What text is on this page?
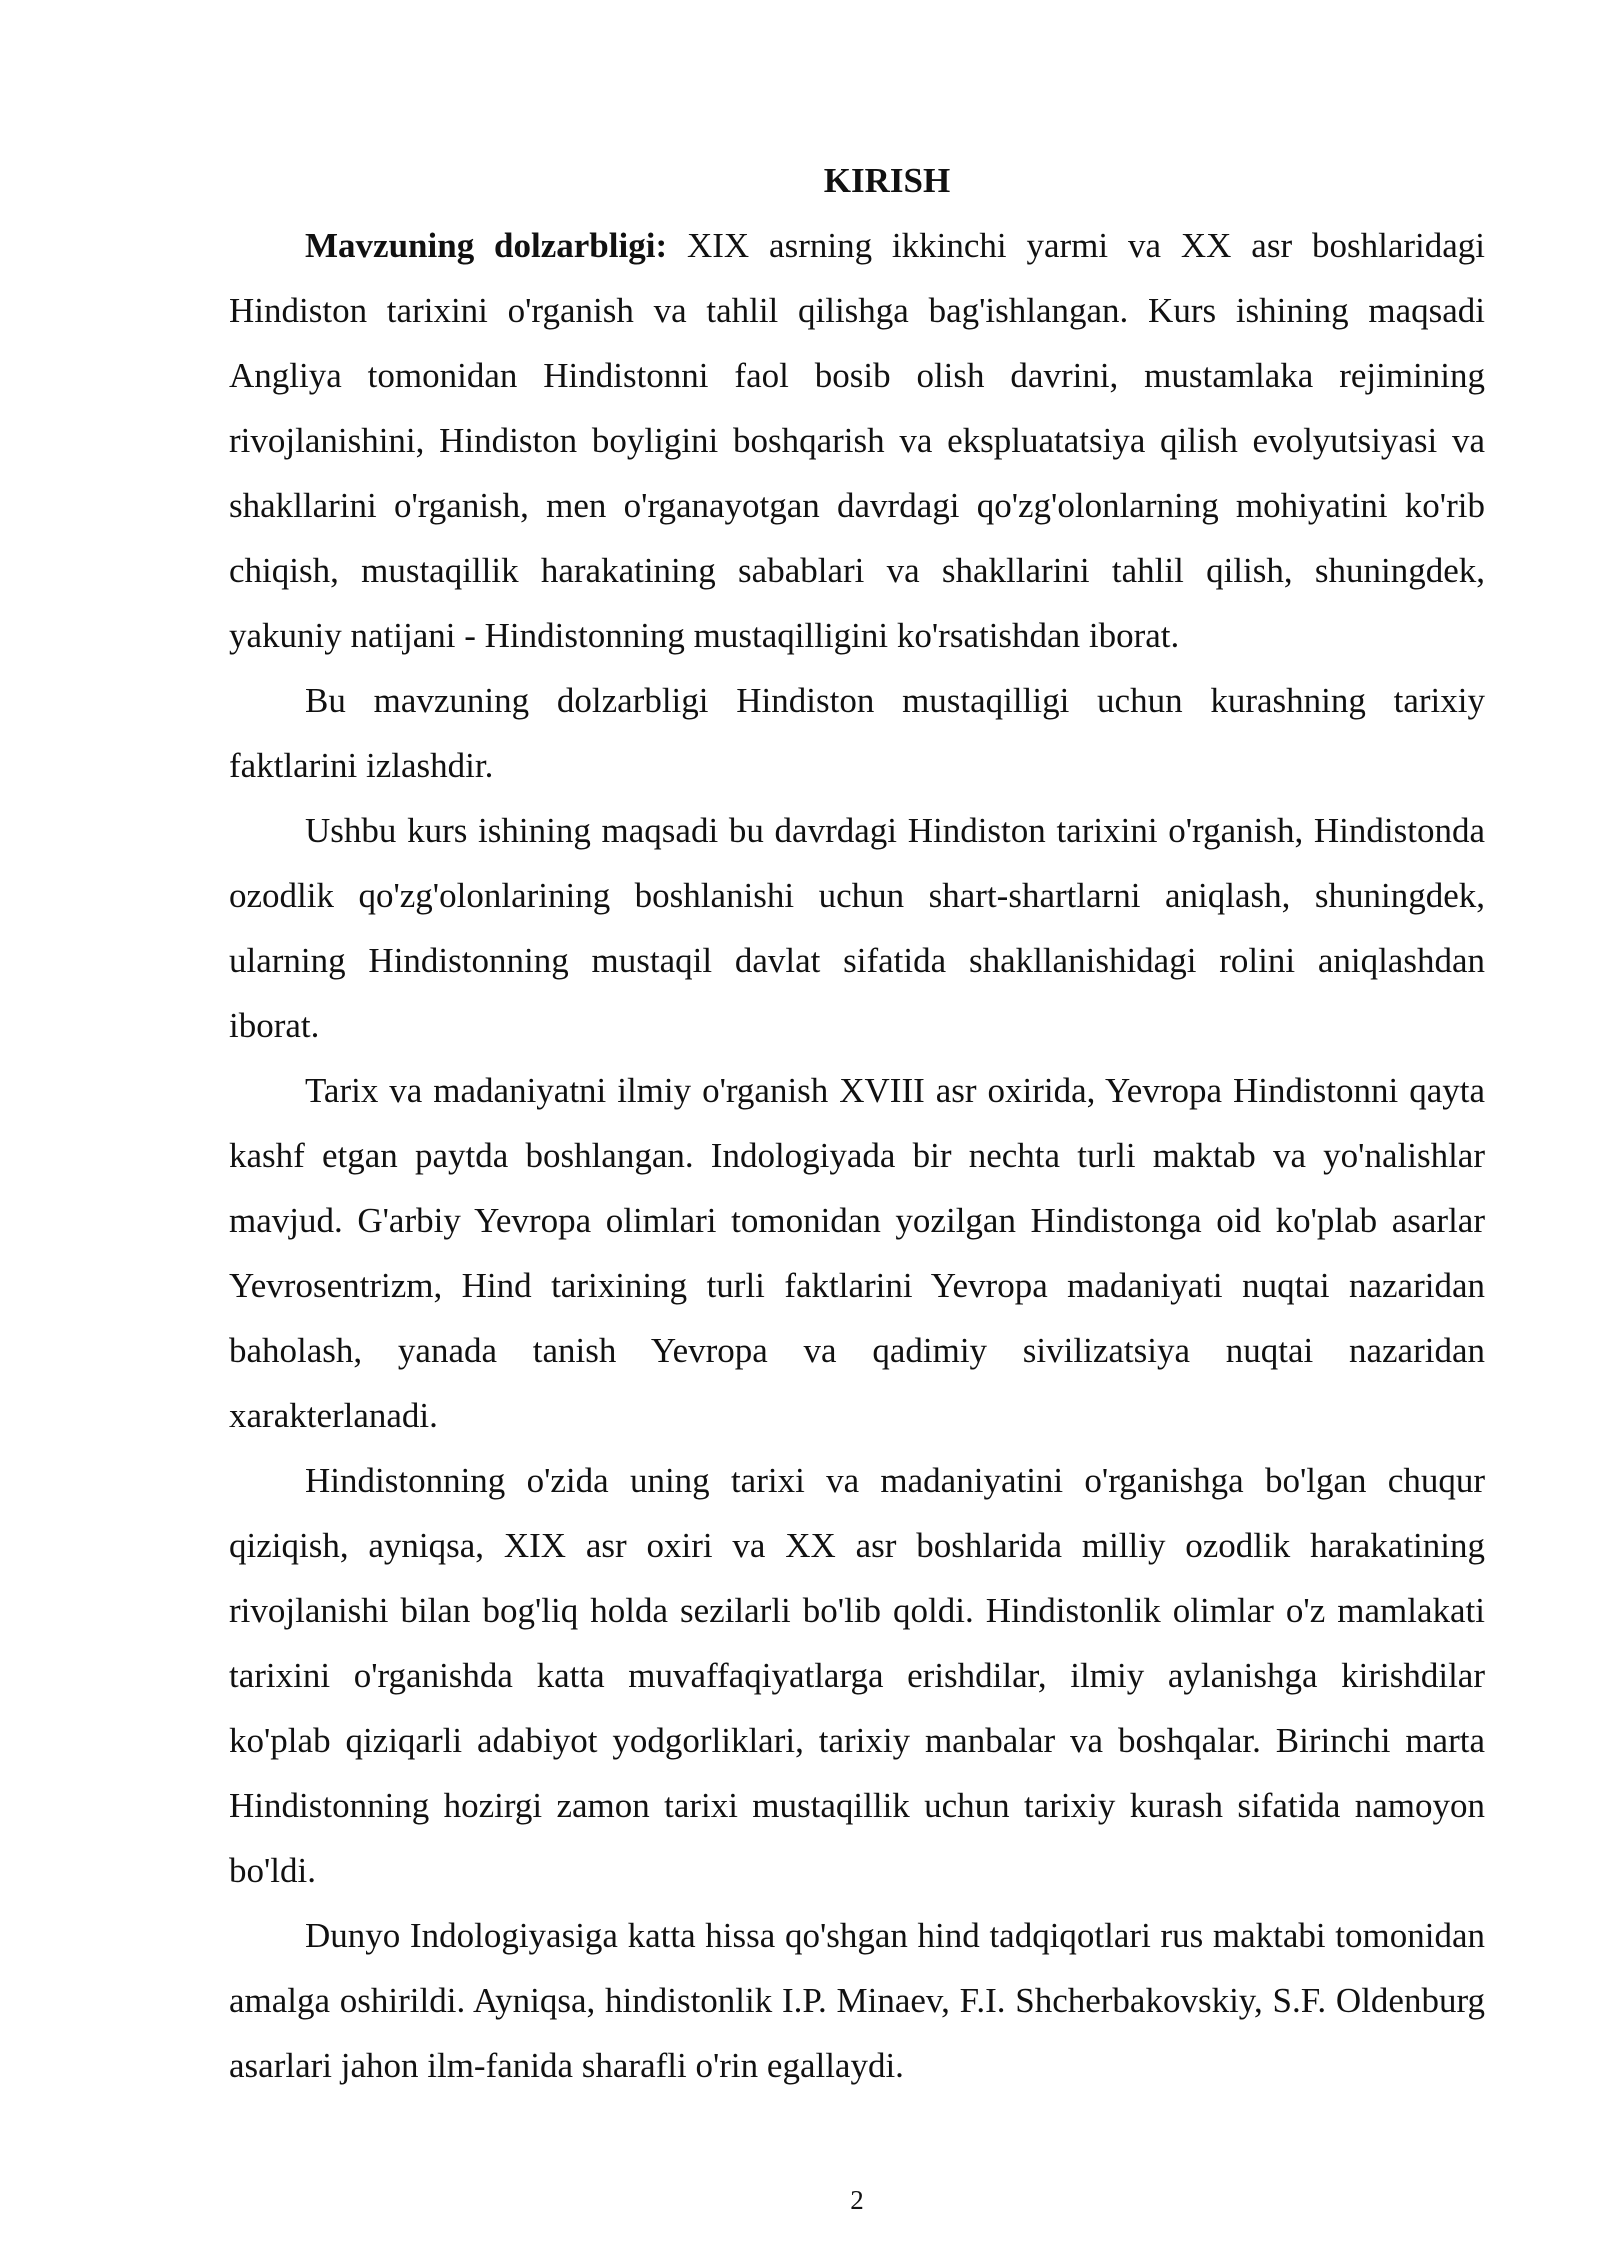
KIRISH

Mavzuning dolzarbligi: XIX asrning ikkinchi yarmi va XX asr boshlaridagi Hindiston tarixini o'rganish va tahlil qilishga bag'ishlangan. Kurs ishining maqsadi Angliya tomonidan Hindistonni faol bosib olish davrini, mustamlaka rejimining rivojlanishini, Hindiston boyligini boshqarish va ekspluatatsiya qilish evolyutsiyasi va shakllarini o'rganish, men o'rganayotgan davrdagi qo'zg'olonlarning mohiyatini ko'rib chiqish, mustaqillik harakatining sabablari va shakllarini tahlil qilish, shuningdek, yakuniy natijani - Hindistonning mustaqilligini ko'rsatishdan iborat.

Bu mavzuning dolzarbligi Hindiston mustaqilligi uchun kurashning tarixiy faktlarini izlashdir.

Ushbu kurs ishining maqsadi bu davrdagi Hindiston tarixini o'rganish, Hindistonda ozodlik qo'zg'olonlarining boshlanishi uchun shart-shartlarni aniqlash, shuningdek, ularning Hindistonning mustaqil davlat sifatida shakllanishidagi rolini aniqlashdan iborat.

Tarix va madaniyatni ilmiy o'rganish XVIII asr oxirida, Yevropa Hindistonni qayta kashf etgan paytda boshlangan. Indologiyada bir nechta turli maktab va yo'nalishlar mavjud. G'arbiy Yevropa olimlari tomonidan yozilgan Hindistonga oid ko'plab asarlar Yevrosentrizm, Hind tarixining turli faktlarini Yevropa madaniyati nuqtai nazaridan baholash, yanada tanish Yevropa va qadimiy sivilizatsiya nuqtai nazaridan xarakterlanadi.

Hindistonning o'zida uning tarixi va madaniyatini o'rganishga bo'lgan chuqur qiziqish, ayniqsa, XIX asr oxiri va XX asr boshlarida milliy ozodlik harakatining rivojlanishi bilan bog'liq holda sezilarli bo'lib qoldi. Hindistonlik olimlar o'z mamlakati tarixini o'rganishda katta muvaffaqiyatlarga erishdilar, ilmiy aylanishga kirishdilar ko'plab qiziqarli adabiyot yodgorliklari, tarixiy manbalar va boshqalar. Birinchi marta Hindistonning hozirgi zamon tarixi mustaqillik uchun tarixiy kurash sifatida namoyon bo'ldi.

Dunyo Indologiyasiga katta hissa qo'shgan hind tadqiqotlari rus maktabi tomonidan amalga oshirildi. Ayniqsa, hindistonlik I.P. Minaev, F.I. Shcherbakovskiy, S.F. Oldenburg asarlari jahon ilm-fanida sharafli o'rin egallaydi.

2
